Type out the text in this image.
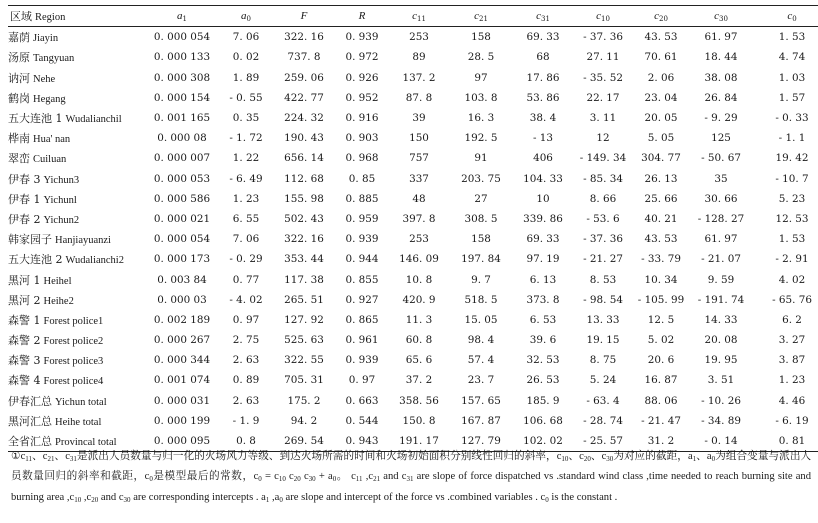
区域 Region	$a_1$	$a_0$	F	R	$c_{11}$	$c_{21}$	$c_{31}$	$c_{10}$	$c_{20}$	$c_{30}$	$c_0$
嘉荫 Jiayin	0. 000 054	7. 06	322. 16	0. 939	253	158	69. 33	- 37. 36	43. 53	61. 97	1. 53
汤原 Tangyuan	0. 000 133	0. 02	737. 8	0. 972	89	28. 5	68	27. 11	70. 61	18. 44	4. 74
讷河 Nehe	0. 000 308	1. 89	259. 06	0. 926	137. 2	97	17. 86	- 35. 52	2. 06	38. 08	1. 03
鹤岗 Hegang	0. 000 154	- 0. 55	422. 77	0. 952	87. 8	103. 8	53. 86	22. 17	23. 04	26. 84	1. 57
五大连池 1 Wudalianchil	0. 001 165	0. 35	224. 32	0. 916	39	16. 3	38. 4	3. 11	20. 05	- 9. 29	- 0. 33
桦南 Hua' nan	0. 000 08	- 1. 72	190. 43	0. 903	150	192. 5	- 13	12	5. 05	125	- 1. 1
翠峦 Cuiluan	0. 000 007	1. 22	656. 14	0. 968	757	91	406	- 149. 34	304. 77	- 50. 67	19. 42
伊春 3 Yichun3	0. 000 053	- 6. 49	112. 68	0. 85	337	203. 75	104. 33	- 85. 34	26. 13	35	- 10. 7
伊春 1 Yichunl	0. 000 586	1. 23	155. 98	0. 885	48	27	10	8. 66	25. 66	30. 66	5. 23
伊春 2 Yichun2	0. 000 021	6. 55	502. 43	0. 959	397. 8	308. 5	339. 86	- 53. 6	40. 21	- 128. 27	12. 53
韩家园子 Hanjiayuanzi	0. 000 054	7. 06	322. 16	0. 939	253	158	69. 33	- 37. 36	43. 53	61. 97	1. 53
五大连池 2 Wudalianchi2	0. 000 173	- 0. 29	353. 44	0. 944	146. 09	197. 84	97. 19	- 21. 27	- 33. 79	- 21. 07	- 2. 91
黑河 1 Heihel	0. 003 84	0. 77	117. 38	0. 855	10. 8	9. 7	6. 13	8. 53	10. 34	9. 59	4. 02
黑河 2 Heihe2	0. 000 03	- 4. 02	265. 51	0. 927	420. 9	518. 5	373. 8	- 98. 54	- 105. 99	- 191. 74	- 65. 76
森警 1 Forest police1	0. 002 189	0. 97	127. 92	0. 865	11. 3	15. 05	6. 53	13. 33	12. 5	14. 33	6. 2
森警 2 Forest police2	0. 000 267	2. 75	525. 63	0. 961	60. 8	98. 4	39. 6	19. 15	5. 02	20. 08	3. 27
森警 3 Forest police3	0. 000 344	2. 63	322. 55	0. 939	65. 6	57. 4	32. 53	8. 75	20. 6	19. 95	3. 87
森警 4 Forest police4	0. 001 074	0. 89	705. 31	0. 97	37. 2	23. 7	26. 53	5. 24	16. 87	3. 51	1. 23
伊春汇总 Yichun total	0. 000 031	2. 63	175. 2	0. 663	358. 56	157. 65	185. 9	- 63. 4	88. 06	- 10. 26	4. 46
黑河汇总 Heihe total	0. 000 199	- 1. 9	94. 2	0. 544	150. 8	167. 87	106. 68	- 28. 74	- 21. 47	- 34. 89	- 6. 19
全省汇总 Provincal total	0. 000 095	0. 8	269. 54	0. 943	191. 17	127. 79	102. 02	- 25. 57	31. 2	- 0. 14	0. 81
$①c_{11}$、$c_{21}$、$c_{31}$是派出人员数量与归一化的火场风力等级、到达火场所需的时间和火场初始面积分别线性回归的斜率，$c_{10}$、$c_{20}$、$c_{30}$为对应的截距，$a_1$、$a_0$为组合变量与派出人员数量回归的斜率和截距，$c_0$是模型最后的常数，$c_0 = c_{10}$ $c_{20}$ $c_{30} + a_0$。 $c_{11}$ $,c_{21}$ and $c_{31}$ are slope of force dispatched vs .standard wind class ,time needed to reach burning site and burning area $,c_{10}$ $,c_{20}$ and $c_{30}$ are corresponding intercepts . $a_1$ $,a_0$ are slope and intercept of the force vs .combined variables . $c_0$ is the constant .
